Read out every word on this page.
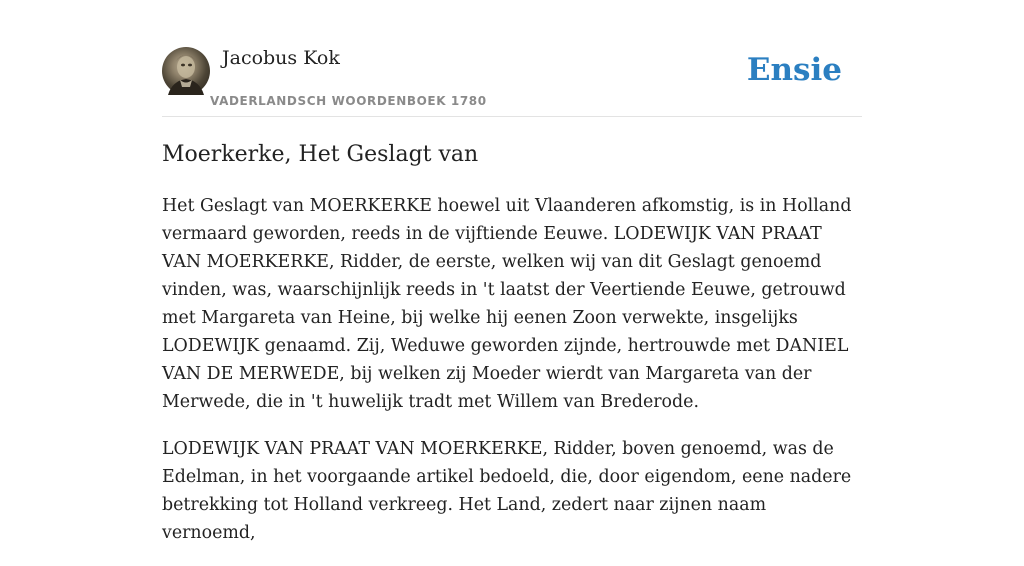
Jacobus Kok
VADERLANDSCH WOORDENBOEK 1780
Ensie
Moerkerke, Het Geslagt van

Het Geslagt van MOERKERKE hoewel uit Vlaanderen afkomstig, is in Holland vermaard geworden, reeds in de vijftiende Eeuwe. LODEWIJK VAN PRAAT VAN MOERKERKE, Ridder, de eerste, welken wij van dit Geslagt genoemd vinden, was, waarschijnlijk reeds in 't laatst der Veertiende Eeuwe, getrouwd met Margareta van Heine, bij welke hij eenen Zoon verwekte, insgelijks LODEWIJK genaamd. Zij, Weduwe geworden zijnde, hertrouwde met DANIEL VAN DE MERWEDE, bij welken zij Moeder wierdt van Margareta van der Merwede, die in 't huwelijk tradt met Willem van Brederode.

LODEWIJK VAN PRAAT VAN MOERKERKE, Ridder, boven genoemd, was de Edelman, in het voorgaande artikel bedoeld, die, door eigendom, eene nadere betrekking tot Holland verkreeg. Het Land, zedert naar zijnen naam vernoemd,
